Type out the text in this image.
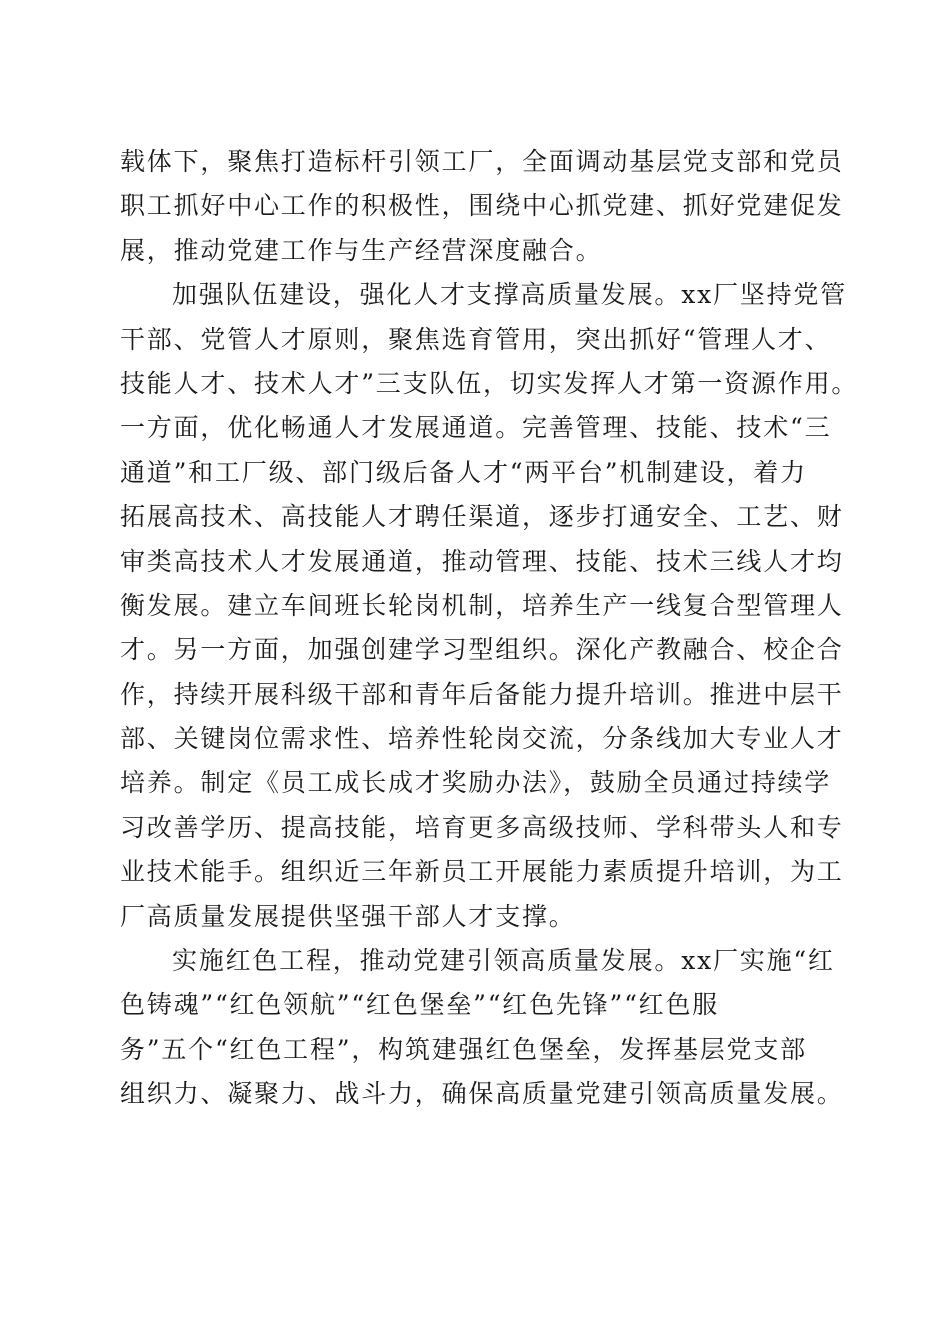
载体下，聚焦打造标杆引领工厂，全面调动基层党支部和党员
职工抓好中心工作的积极性，围绕中心抓党建、抓好党建促发
展，推动党建工作与生产经营深度融合。
加强队伍建设，强化人才支撑高质量发展。xx厂坚持党管
干部、党管人才原则，聚焦选育管用，突出抓好“管理人才、
技能人才、技术人才”三支队伍，切实发挥人才第一资源作用。
一方面，优化畅通人才发展通道。完善管理、技能、技术“三
通道”和工厂级、部门级后备人才“两平台”机制建设，着力
拓展高技术、高技能人才聘任渠道，逐步打通安全、工艺、财
审类高技术人才发展通道，推动管理、技能、技术三线人才均
衡发展。建立车间班长轮岗机制，培养生产一线复合型管理人
才。另一方面，加强创建学习型组织。深化产教融合、校企合
作，持续开展科级干部和青年后备能力提升培训。推进中层干
部、关键岗位需求性、培养性轮岗交流，分条线加大专业人才
培养。制定《员工成长成才奖励办法》，鼓励全员通过持续学
习改善学历、提高技能，培育更多高级技师、学科带头人和专
业技术能手。组织近三年新员工开展能力素质提升培训，为工
厂高质量发展提供坚强干部人才支撑。
实施红色工程，推动党建引领高质量发展。xx厂实施“红
色铸魂”“红色领航”“红色堡垒”“红色先锋”“红色服
务”五个“红色工程”，构筑建强红色堡垒，发挥基层党支部
组织力、凝聚力、战斗力，确保高质量党建引领高质量发展。
